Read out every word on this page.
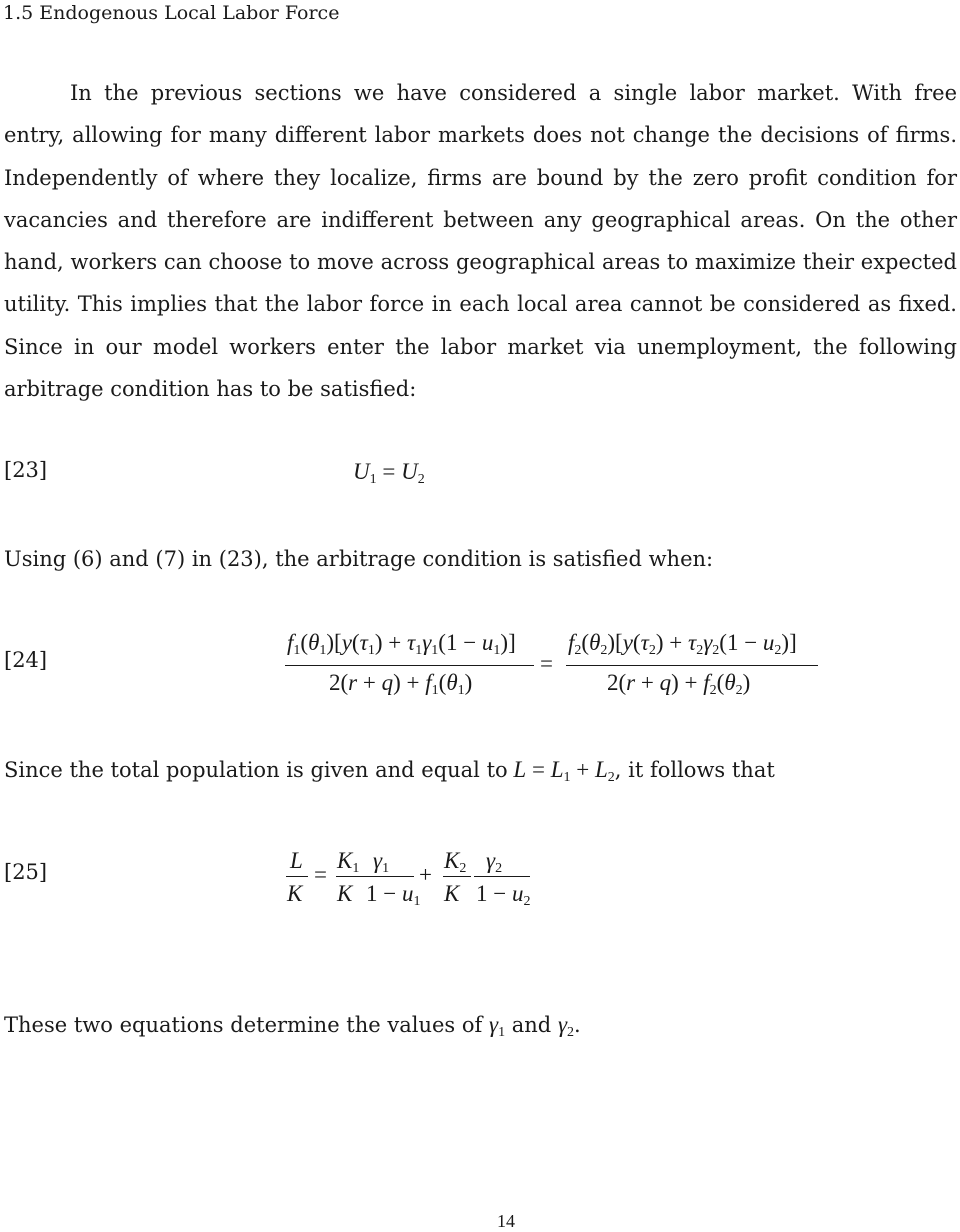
1.5 Endogenous Local Labor Force
In the previous sections we have considered a single labor market. With free
entry, allowing for many different labor markets does not change the decisions of firms.
Independently of where they localize, firms are bound by the zero profit condition for
vacancies and therefore are indifferent between any geographical areas. On the other
hand, workers can choose to move across geographical areas to maximize their expected
utility. This implies that the labor force in each local area cannot be considered as fixed.
Since in our model workers enter the labor market via unemployment, the following
arbitrage condition has to be satisfied:
[23]	U1 = U2
Using (6) and (7) in (23), the arbitrage condition is satisfied when:
[24]
f1(θ1)[y(τ1) + τ1γ1(1 − u1)]
2(r + q) + f1(θ1)
=
f2(θ2)[y(τ2) + τ2γ2(1 − u2)]
2(r + q) + f2(θ2)
Since the total population is given and equal to L = L1 + L2, it follows that
[25]	L
K
=
K1
K
γ1
1 − u1
+
K2
K
γ2
1 − u2
These two equations determine the values of γ1 and γ2.
14
